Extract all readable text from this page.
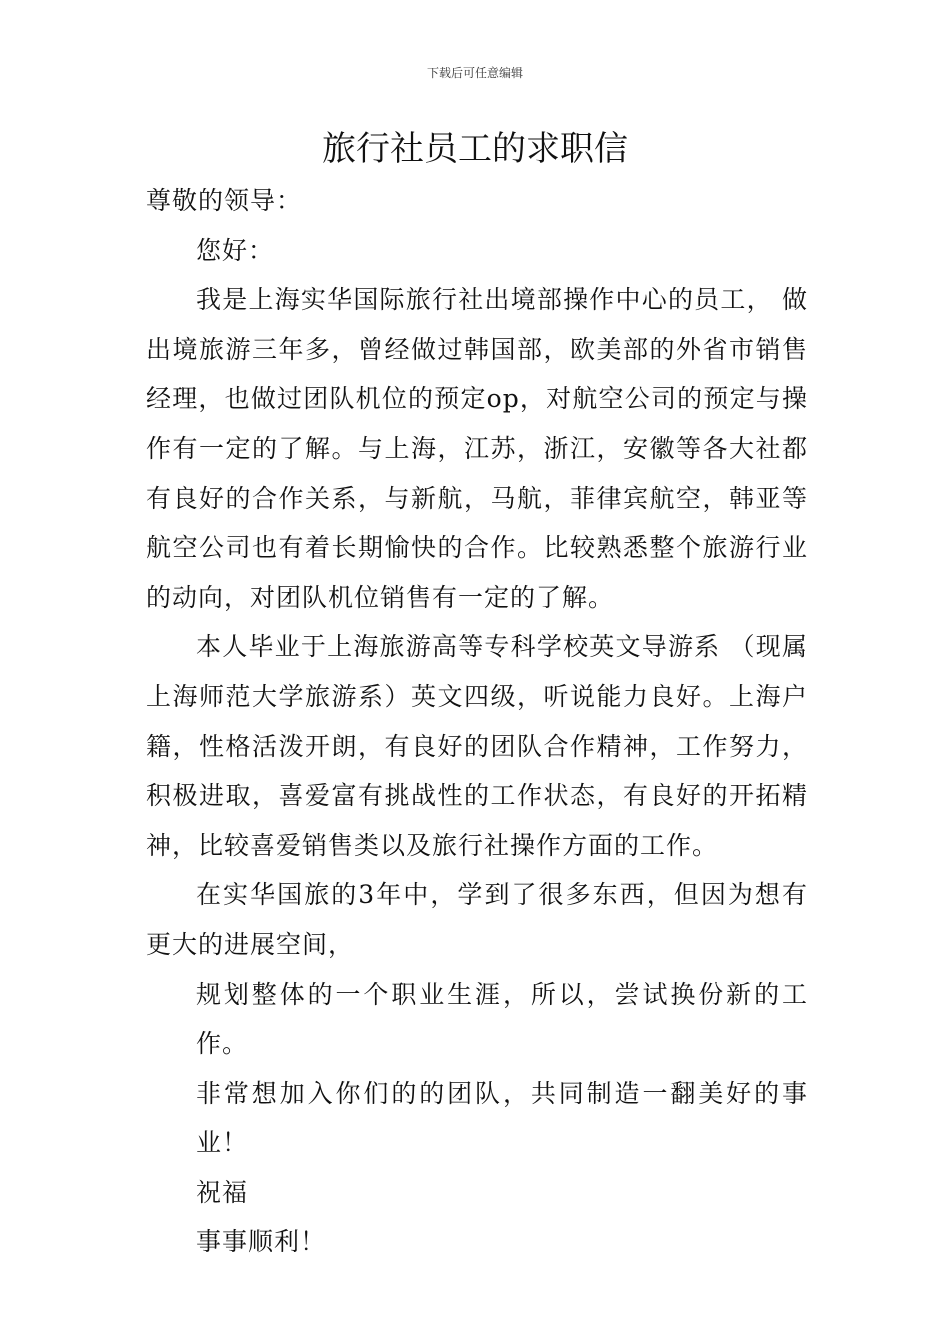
下载后可任意编辑
旅行社员工的求职信

尊敬的领导：

您好：

我是上海实华国际旅行社出境部操作中心的员工， 做出境旅游三年多，曾经做过韩国部，欧美部的外省市销售经理，也做过团队机位的预定op，对航空公司的预定与操作有一定的了解。与上海，江苏，浙江，安徽等各大社都有良好的合作关系，与新航，马航，菲律宾航空，韩亚等航空公司也有着长期愉快的合作。比较熟悉整个旅游行业的动向，对团队机位销售有一定的了解。

本人毕业于上海旅游高等专科学校英文导游系 （现属上海师范大学旅游系）英文四级，听说能力良好。上海户籍，性格活泼开朗，有良好的团队合作精神，工作努力，积极进取，喜爱富有挑战性的工作状态，有良好的开拓精神，比较喜爱销售类以及旅行社操作方面的工作。

在实华国旅的3年中，学到了很多东西，但因为想有更大的进展空间，

规划整体的一个职业生涯，所以，尝试换份新的工作。

非常想加入你们的的团队，共同制造一翻美好的事业！

祝福

事事顺利！
